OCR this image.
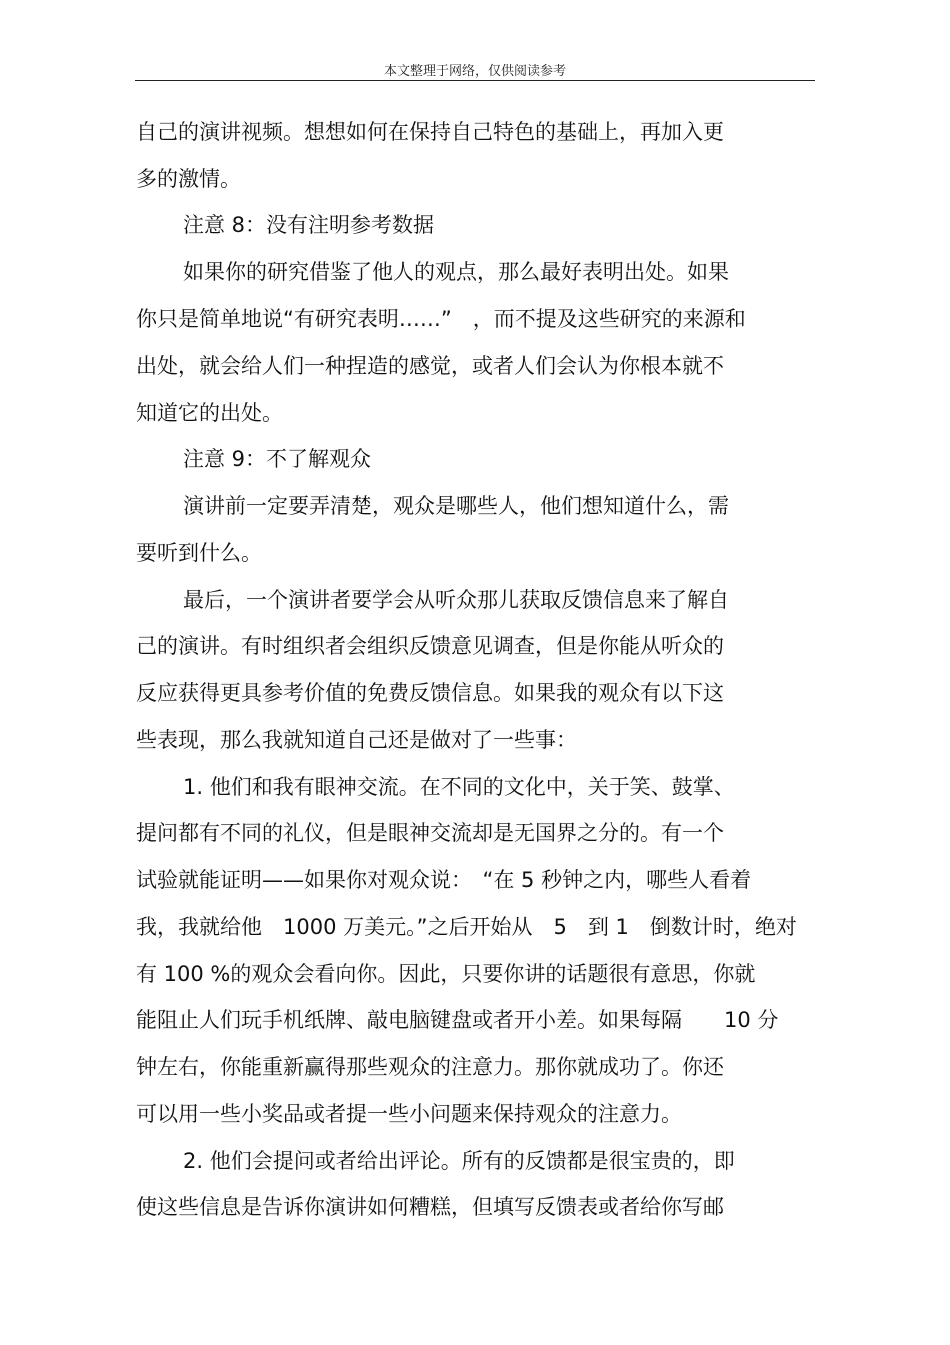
本文整理于网络，仅供阅读参考
自己的演讲视频。想想如何在保持自己特色的基础上，再加入更
多的激情。
注意 8：没有注明参考数据
如果你的研究借鉴了他人的观点，那么最好表明出处。如果
你只是简单地说“有研究表明……”　，而不提及这些研究的来源和
出处，就会给人们一种捏造的感觉，或者人们会认为你根本就不
知道它的出处。
注意 9：不了解观众
演讲前一定要弄清楚，观众是哪些人，他们想知道什么，需
要听到什么。
最后，一个演讲者要学会从听众那儿获取反馈信息来了解自
己的演讲。有时组织者会组织反馈意见调查，但是你能从听众的
反应获得更具参考价值的免费反馈信息。如果我的观众有以下这
些表现，那么我就知道自己还是做对了一些事：
1. 他们和我有眼神交流。在不同的文化中，关于笑、鼓掌、
提问都有不同的礼仪，但是眼神交流却是无国界之分的。有一个
试验就能证明——如果你对观众说：　“在 5 秒钟之内，哪些人看着
我，我就给他　1000 万美元。”之后开始从　5　到 1　倒数计时，绝对
有 100 %的观众会看向你。因此，只要你讲的话题很有意思，你就
能阻止人们玩手机纸牌、敲电脑键盘或者开小差。如果每隔　　10 分
钟左右，你能重新赢得那些观众的注意力。那你就成功了。你还
可以用一些小奖品或者提一些小问题来保持观众的注意力。
2. 他们会提问或者给出评论。所有的反馈都是很宝贵的，即
使这些信息是告诉你演讲如何糟糕，但填写反馈表或者给你写邮
